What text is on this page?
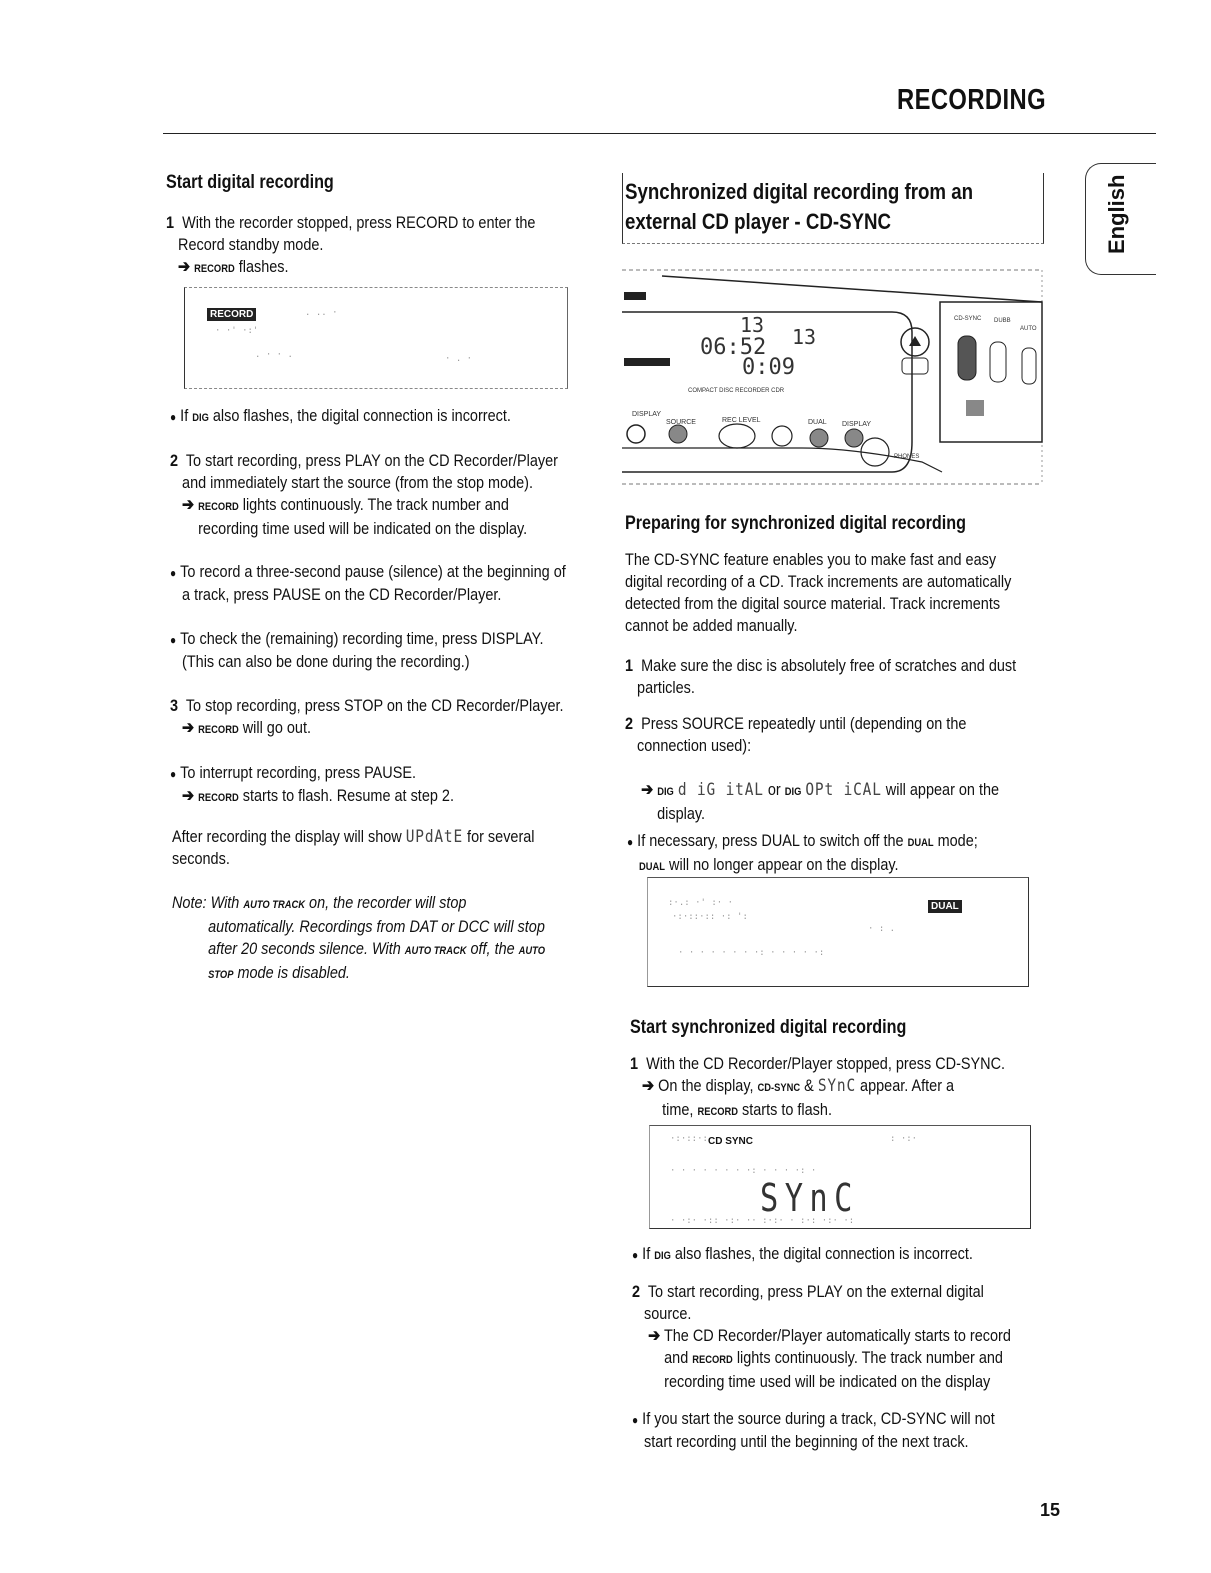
RECORDING
English
Start digital recording
1 With the recorder stopped, press RECORD to enter the
Record standby mode.
➔ RECORD flashes.
RECORD
· ·' ·:'
. .. ·
. · · .	· . ·
● If DIG also flashes, the digital connection is incorrect.
2 To start recording, press PLAY on the CD Recorder/Player
and immediately start the source (from the stop mode).
➔ RECORD lights continuously. The track number and
recording time used will be indicated on the display.
● To record a three-second pause (silence) at the beginning of
a track, press PAUSE on the CD Recorder/Player.
● To check the (remaining) recording time, press DISPLAY.
(This can also be done during the recording.)
3 To stop recording, press STOP on the CD Recorder/Player.
➔ RECORD will go out.
● To interrupt recording, press PAUSE.
➔ RECORD starts to flash. Resume at step 2.
After recording the display will show UPdAtE for several
seconds.
Note: With AUTO TRACK on, the recorder will stop
automatically. Recordings from DAT or DCC will stop
after 20 seconds silence. With AUTO TRACK off, the AUTO
STOP mode is disabled.
Synchronized digital recording from an
external CD player - CD-SYNC
06:52
0:09
13 13
COMPACT DISC RECORDER CDR
DISPLAY
SOURCE	REC LEVEL	DUAL DISPLAY
PHONES
CD-SYNC DUBB
AUTO
Preparing for synchronized digital recording
The CD-SYNC feature enables you to make fast and easy
digital recording of a CD. Track increments are automatically
detected from the digital source material. Track increments
cannot be added manually.
1 Make sure the disc is absolutely free of scratches and dust
particles.
2 Press SOURCE repeatedly until (depending on the
connection used):

➔ DIG d iG itAL or DIG OPt iCAL will appear on the
display.
● If necessary, press DUAL to switch off the DUAL mode;
DUAL will no longer appear on the display.
DUAL
:·.: ·' :· ·
·:·::·:: ·: ':
· · · · · · · ·: · · · · ·:
· : .
Start synchronized digital recording
1 With the CD Recorder/Player stopped, press CD-SYNC.
➔ On the display, CD-SYNC & SYnC appear. After a
time, RECORD starts to flash.
CD SYNC
SYnC
·:·::·:
· · · · · · · ·: · · · ·: ·
· ·:· ·:: ·:· ·· :·:· · :·: ·:· ·:
: ·:·
● If DIG also flashes, the digital connection is incorrect.
2 To start recording, press PLAY on the external digital
source.
➔ The CD Recorder/Player automatically starts to record
and RECORD lights continuously. The track number and
recording time used will be indicated on the display
● If you start the source during a track, CD-SYNC will not
start recording until the beginning of the next track.
15
